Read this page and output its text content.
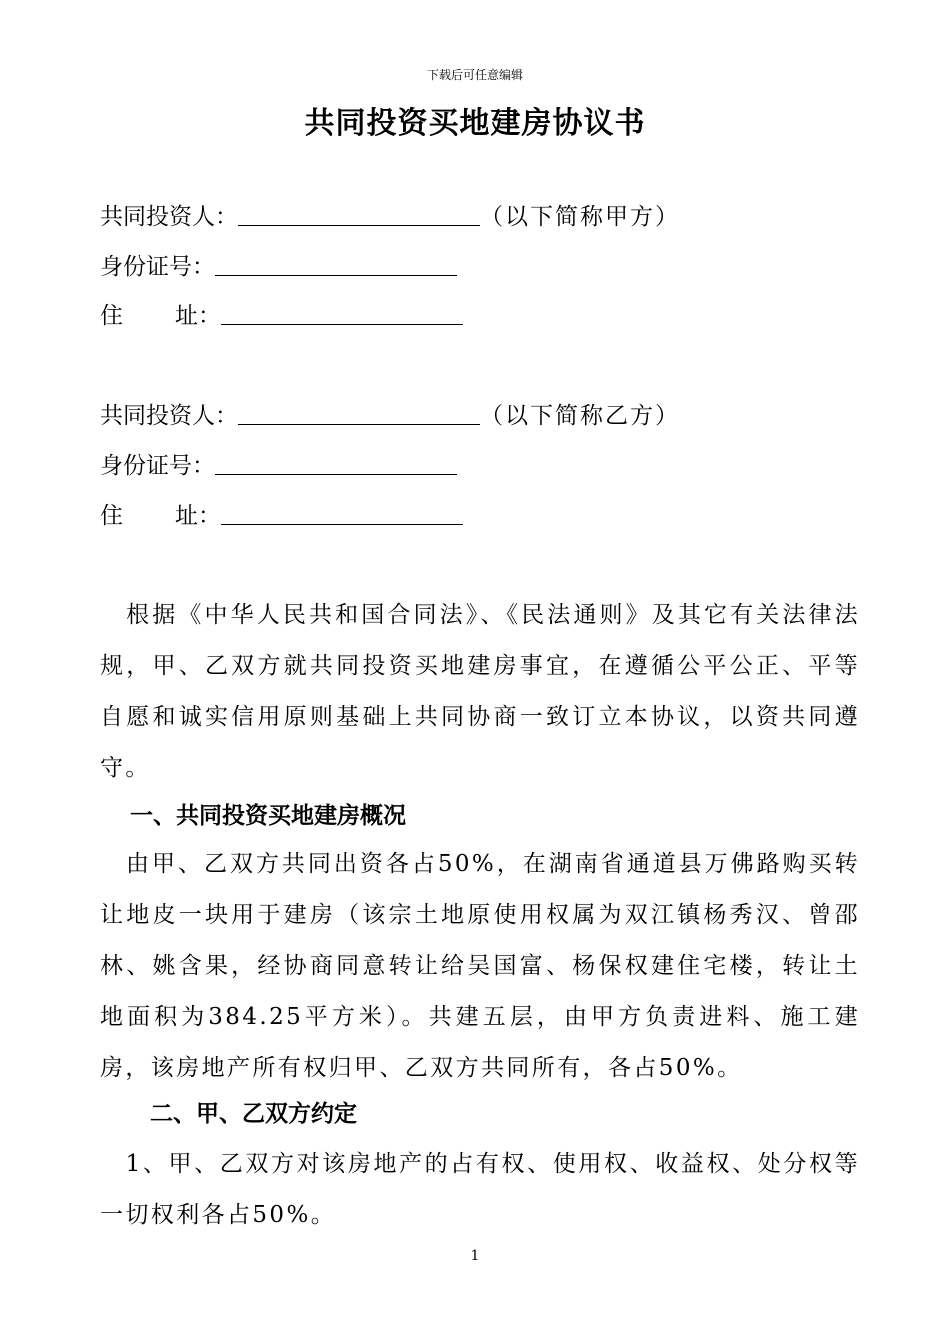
下载后可任意编辑
共同投资买地建房协议书
共同投资人：	（以下简称甲方）
身份证号：
住 址：
共同投资人：	（以下简称乙方）
身份证号：
住 址：
　根据《中华人民共和国合同法》、《民法通则》及其它有关法律法规，甲、乙双方就共同投资买地建房事宜，在遵循公平公正、平等自愿和诚实信用原则基础上共同协商一致订立本协议，以资共同遵守。
一、共同投资买地建房概况
　由甲、乙双方共同出资各占50%，在湖南省通道县万佛路购买转让地皮一块用于建房（该宗土地原使用权属为双江镇杨秀汉、曾邵林、姚含果，经协商同意转让给吴国富、杨保权建住宅楼，转让土地面积为384.25平方米）。共建五层，由甲方负责进料、施工建房，该房地产所有权归甲、乙双方共同所有，各占50%。
二、甲、乙双方约定
　1、甲、乙双方对该房地产的占有权、使用权、收益权、处分权等一切权利各占50%。
1
